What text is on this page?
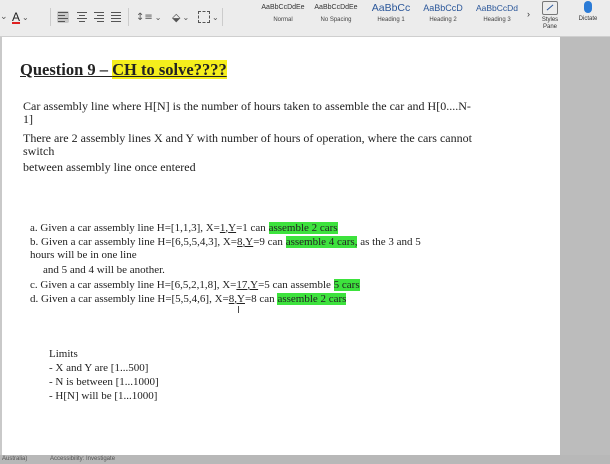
⌄ A ⌄	↕≡ ⌄ ⬙ ⌄	⌄
AaBbCcDdEe
Normal
AaBbCcDdEe
No Spacing
AaBbCc
Heading 1
AaBbCcD
Heading 2
AaBbCcDd
Heading 3
›
Styles Pane
Dictate
Question 9 – CH to solve????
Car assembly line where H[N] is the number of hours taken to assemble the car and H[0....N-
1]
There are 2 assembly lines X and Y with number of hours of operation, where the cars cannot
switch
between assembly line once entered
a. Given a car assembly line H=[1,1,3], X=1,Y=1 can assemble 2 cars
b. Given a car assembly line H=[6,5,5,4,3], X=8,Y=9 can assemble 4 cars, as the 3 and 5
hours will be in one line
and 5 and 4 will be another.
c. Given a car assembly line H=[6,5,2,1,8], X=17,Y=5 can assemble 5 cars
d. Given a car assembly line H=[5,5,4,6], X=8,Y=8 can assemble 2 cars
I
Limits
- X and Y are [1...500]
- N is between [1...1000]
- H[N] will be [1...1000]
Australia)	Accessibility: Investigate
